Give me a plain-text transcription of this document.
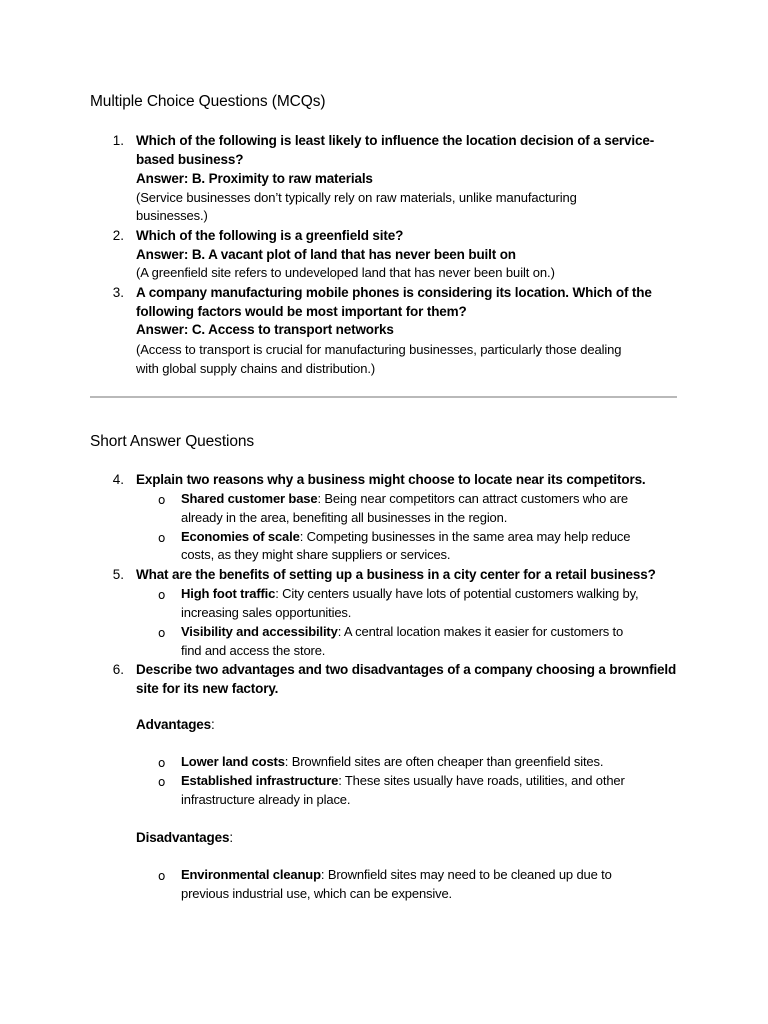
Multiple Choice Questions (MCQs)
1. Which of the following is least likely to influence the location decision of a service-

based business?

Answer: B. Proximity to raw materials

(Service businesses don’t typically rely on raw materials, unlike manufacturing

businesses.)

2. Which of the following is a greenfield site?

Answer: B. A vacant plot of land that has never been built on

(A greenfield site refers to undeveloped land that has never been built on.)

3. A company manufacturing mobile phones is considering its location. Which of the

following factors would be most important for them?

Answer: C. Access to transport networks

(Access to transport is crucial for manufacturing businesses, particularly those dealing

with global supply chains and distribution.)

Short Answer Questions
4. Explain two reasons why a business might choose to locate near its competitors.

o Shared customer base: Being near competitors can attract customers who are

already in the area, benefiting all businesses in the region.

o Economies of scale: Competing businesses in the same area may help reduce

costs, as they might share suppliers or services.

5. What are the benefits of setting up a business in a city center for a retail business?

o High foot traffic: City centers usually have lots of potential customers walking by,

increasing sales opportunities.

o Visibility and accessibility: A central location makes it easier for customers to

find and access the store.

6. Describe two advantages and two disadvantages of a company choosing a brownfield

site for its new factory.

Advantages:

o Lower land costs: Brownfield sites are often cheaper than greenfield sites.

o Established infrastructure: These sites usually have roads, utilities, and other

infrastructure already in place.

Disadvantages:

o Environmental cleanup: Brownfield sites may need to be cleaned up due to

previous industrial use, which can be expensive.
